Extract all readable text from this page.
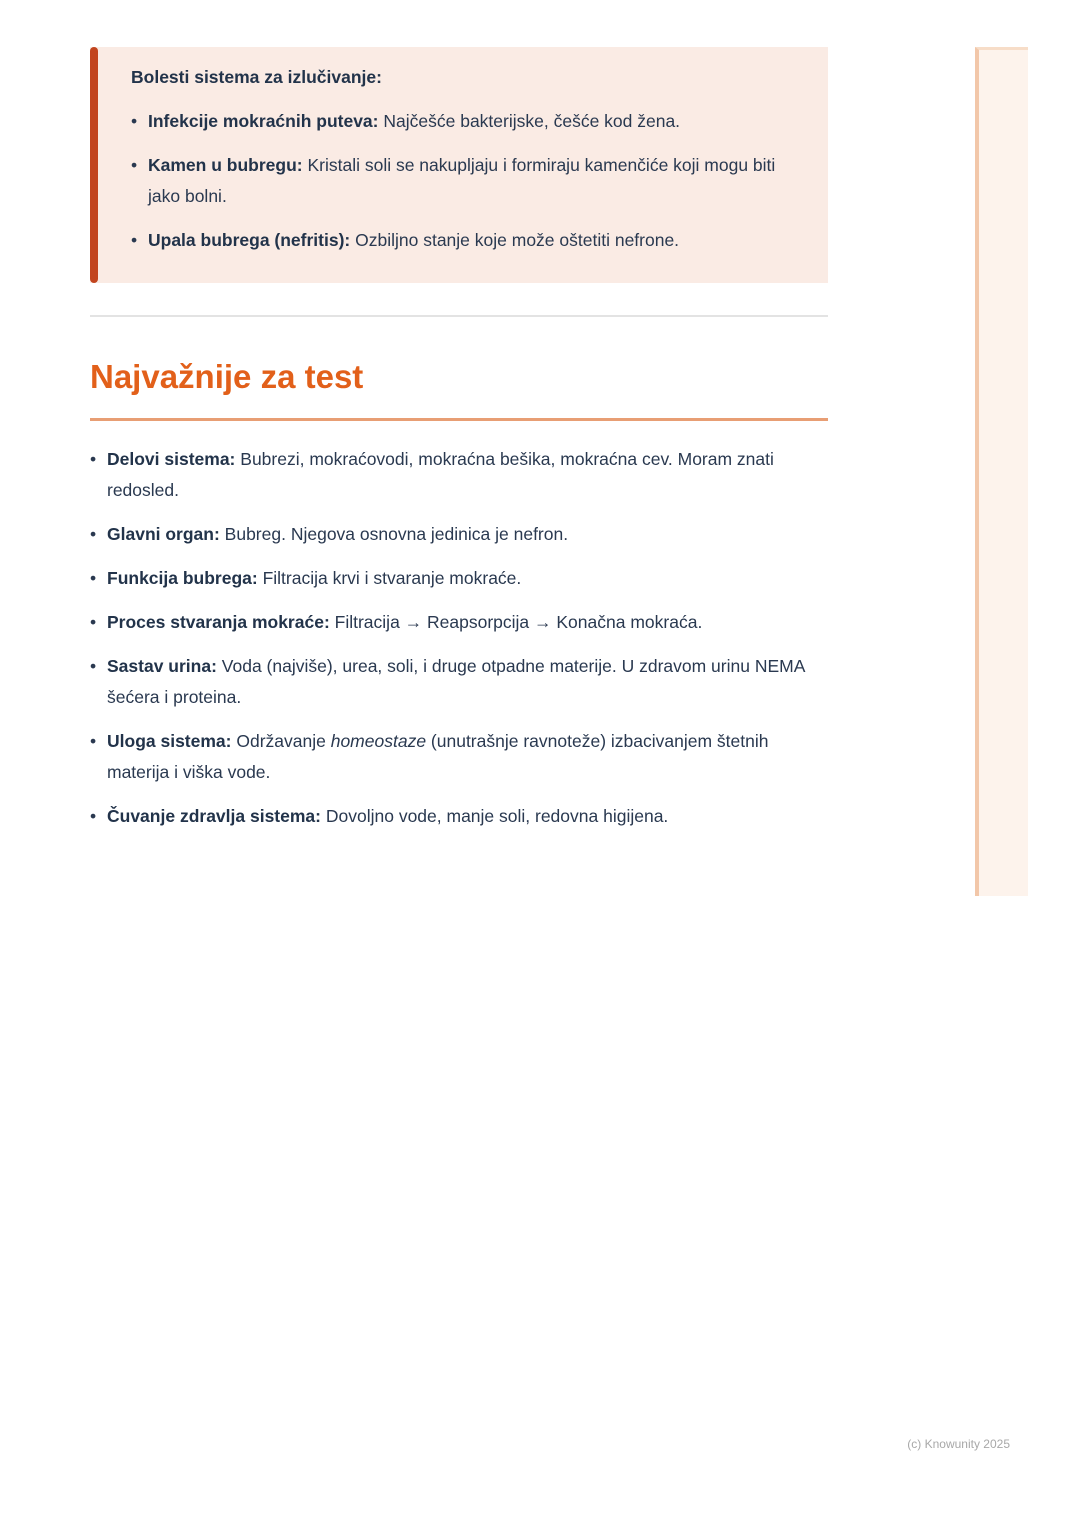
Bolesti sistema za izlučivanje:

• Infekcije mokraćnih puteva: Najčešće bakterijske, češće kod žena.
• Kamen u bubregu: Kristali soli se nakupljaju i formiraju kamenčiće koji mogu biti jako bolni.
• Upala bubrega (nefritis): Ozbiljno stanje koje može oštetiti nefrone.
Najvažnije za test
• Delovi sistema: Bubrezi, mokraćovodi, mokraćna bešika, mokraćna cev. Moram znati redosled.
• Glavni organ: Bubreg. Njegova osnovna jedinica je nefron.
• Funkcija bubrega: Filtracija krvi i stvaranje mokraće.
• Proces stvaranja mokraće: Filtracija → Reapsorpcija → Konačna mokraća.
• Sastav urina: Voda (najviše), urea, soli, i druge otpadne materije. U zdravom urinu NEMA šećera i proteina.
• Uloga sistema: Održavanje homeostaze (unutrašnje ravnoteže) izbacivanjem štetnih materija i viška vode.
• Čuvanje zdravlja sistema: Dovoljno vode, manje soli, redovna higijena.
(c) Knowunity 2025
